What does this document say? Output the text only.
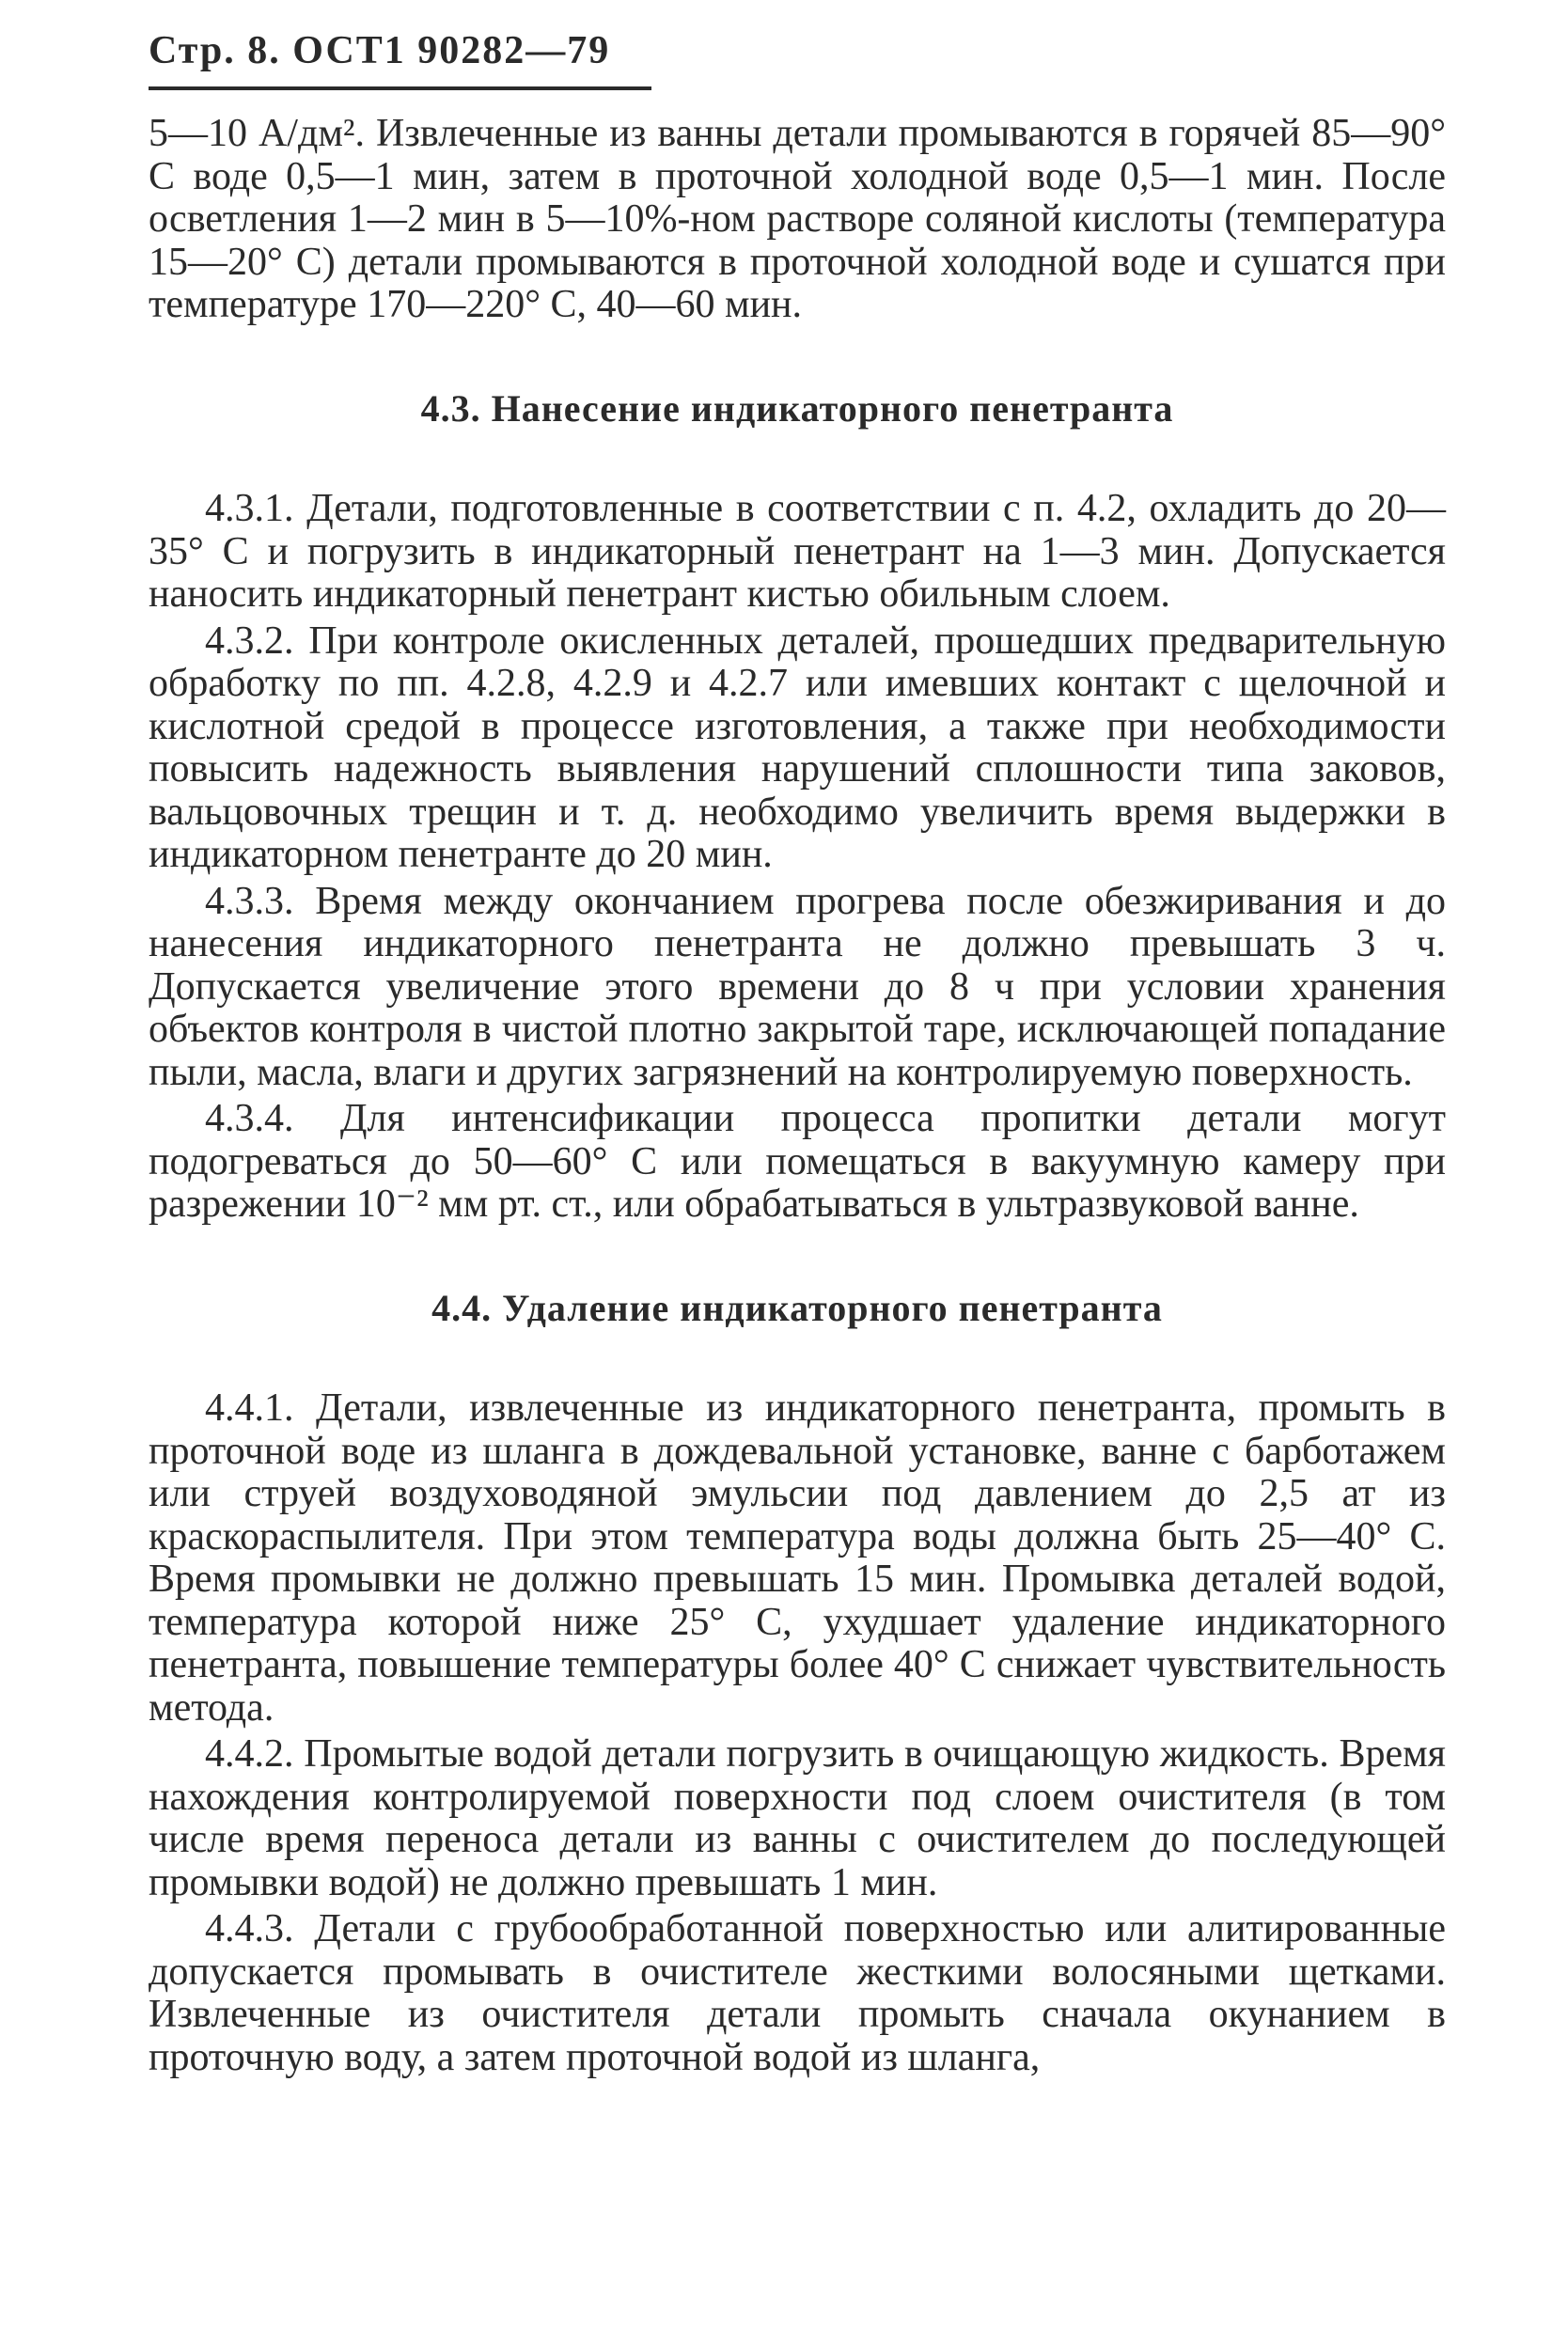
Стр. 8. ОСТ1 90282—79

5—10 А/дм². Извлеченные из ванны детали промываются в горячей 85—90° С воде 0,5—1 мин, затем в проточной холодной воде 0,5—1 мин. После осветления 1—2 мин в 5—10%-ном растворе соляной кислоты (температура 15—20° С) детали промываются в проточной холодной воде и сушатся при температуре 170—220° С, 40—60 мин.

4.3. Нанесение индикаторного пенетранта

4.3.1. Детали, подготовленные в соответствии с п. 4.2, охладить до 20—35° С и погрузить в индикаторный пенетрант на 1—3 мин. Допускается наносить индикаторный пенетрант кистью обильным слоем.

4.3.2. При контроле окисленных деталей, прошедших предварительную обработку по пп. 4.2.8, 4.2.9 и 4.2.7 или имевших контакт с щелочной и кислотной средой в процессе изготовления, а также при необходимости повысить надежность выявления нарушений сплошности типа заковов, вальцовочных трещин и т. д. необходимо увеличить время выдержки в индикаторном пенетранте до 20 мин.

4.3.3. Время между окончанием прогрева после обезжиривания и до нанесения индикаторного пенетранта не должно превышать 3 ч. Допускается увеличение этого времени до 8 ч при условии хранения объектов контроля в чистой плотно закрытой таре, исключающей попадание пыли, масла, влаги и других загрязнений на контролируемую поверхность.

4.3.4. Для интенсификации процесса пропитки детали могут подогреваться до 50—60° С или помещаться в вакуумную камеру при разрежении 10⁻² мм рт. ст., или обрабатываться в ультразвуковой ванне.

4.4. Удаление индикаторного пенетранта

4.4.1. Детали, извлеченные из индикаторного пенетранта, промыть в проточной воде из шланга в дождевальной установке, ванне с барботажем или струей воздуховодяной эмульсии под давлением до 2,5 ат из краскораспылителя. При этом температура воды должна быть 25—40° С. Время промывки не должно превышать 15 мин. Промывка деталей водой, температура которой ниже 25° С, ухудшает удаление индикаторного пенетранта, повышение температуры более 40° С снижает чувствительность метода.

4.4.2. Промытые водой детали погрузить в очищающую жидкость. Время нахождения контролируемой поверхности под слоем очистителя (в том числе время переноса детали из ванны с очистителем до последующей промывки водой) не должно превышать 1 мин.

4.4.3. Детали с грубообработанной поверхностью или алитированные допускается промывать в очистителе жесткими волосяными щетками. Извлеченные из очистителя детали промыть сначала окунанием в проточную воду, а затем проточной водой из шланга,
